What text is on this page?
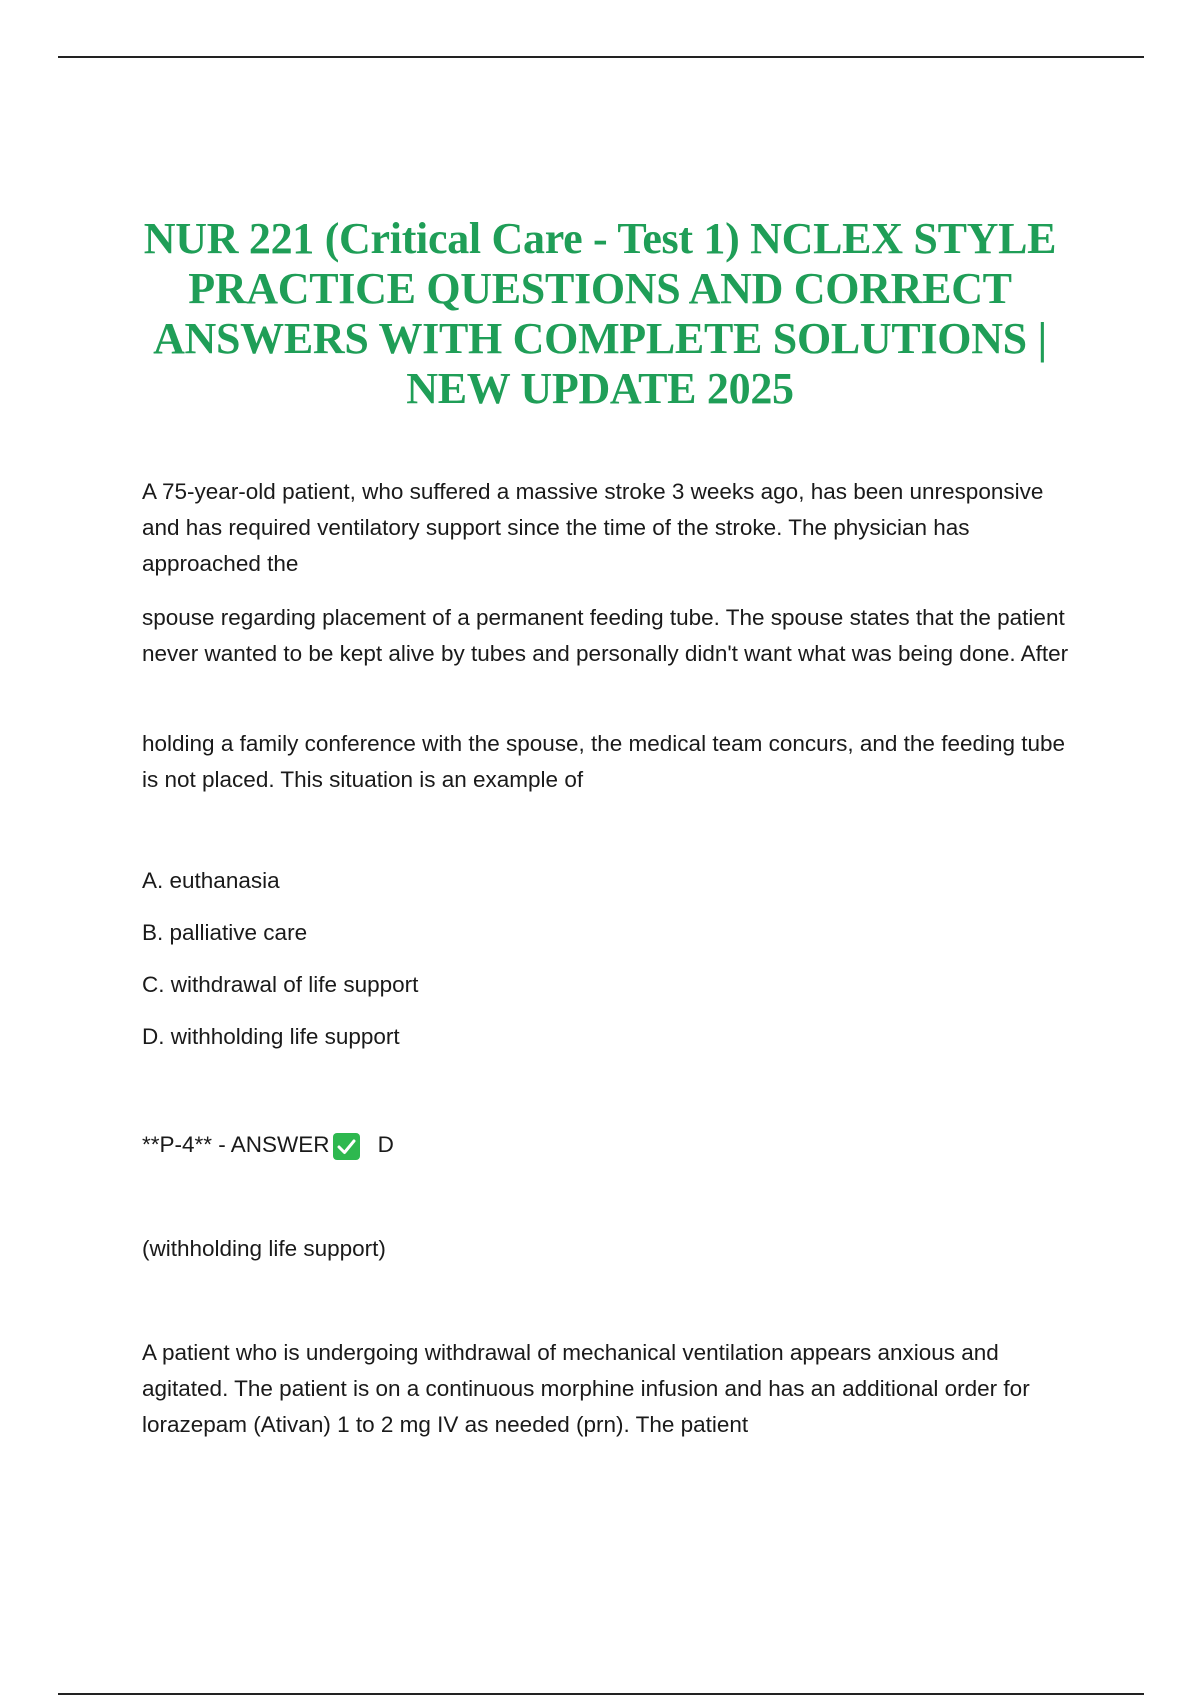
NUR 221 (Critical Care - Test 1) NCLEX STYLE PRACTICE QUESTIONS AND CORRECT ANSWERS WITH COMPLETE SOLUTIONS | NEW UPDATE 2025

A 75-year-old patient, who suffered a massive stroke 3 weeks ago, has been unresponsive and has required ventilatory support since the time of the stroke. The physician has approached the

spouse regarding placement of a permanent feeding tube. The spouse states that the patient never wanted to be kept alive by tubes and personally didn't want what was being done. After

holding a family conference with the spouse, the medical team concurs, and the feeding tube is not placed. This situation is an example of

A. euthanasia

B. palliative care

C. withdrawal of life support

D. withholding life support

**P-4** - ANSWER D

(withholding life support)

A patient who is undergoing withdrawal of mechanical ventilation appears anxious and agitated. The patient is on a continuous morphine infusion and has an additional order for lorazepam (Ativan) 1 to 2 mg IV as needed (prn). The patient
